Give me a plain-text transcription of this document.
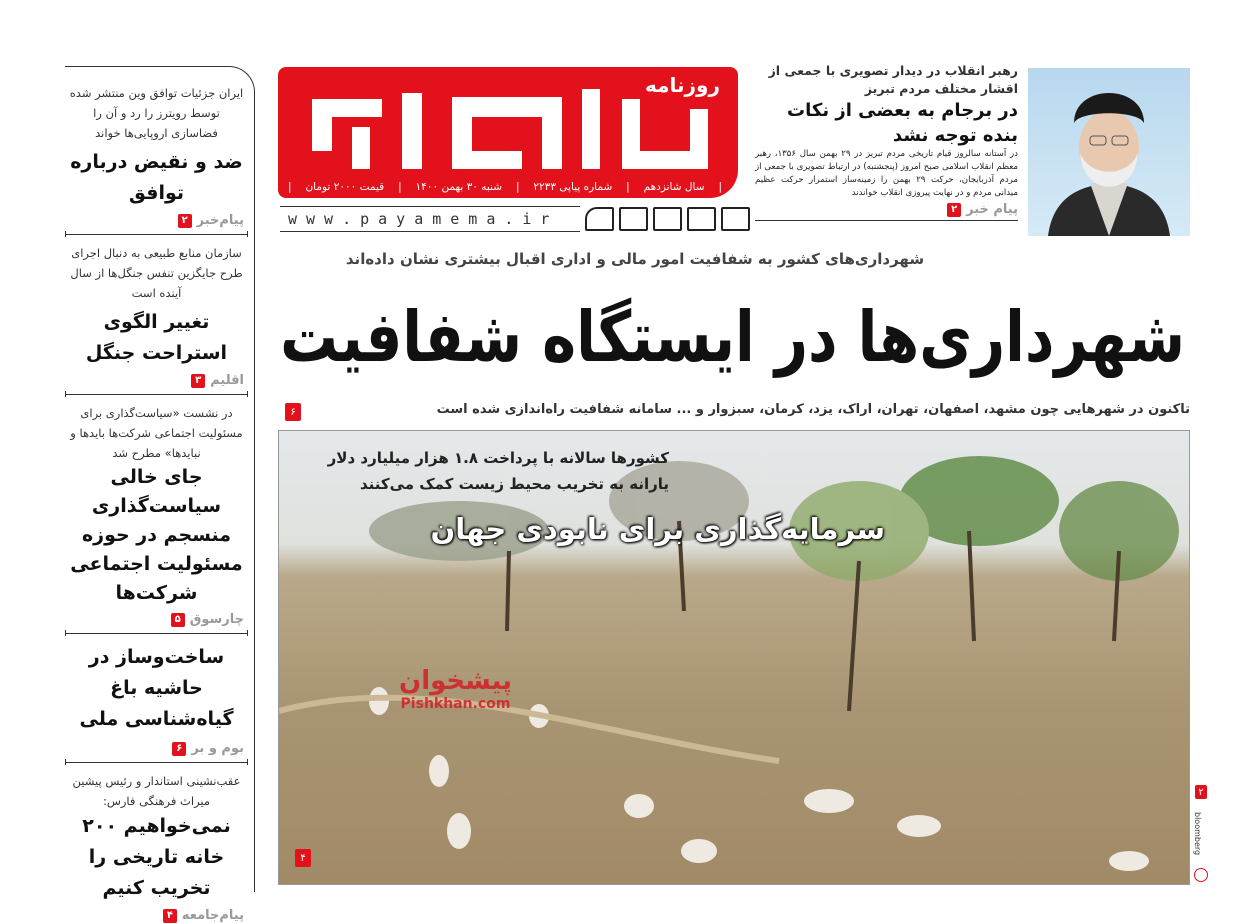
ایران جزئیات توافق وین منتشر شده توسط رویترز را رد و آن را فضاسازی اروپایی‌ها خواند
ضد و نقیض درباره توافق
پیام‌خبر
۲
سازمان منابع طبیعی به دنبال اجرای طرح جایگزین تنفس جنگل‌ها از سال آینده است
تغییر الگوی استراحت جنگل
اقلیم
۳
در نشست «سیاست‌گذاری برای مسئولیت اجتماعی شرکت‌ها بایدها و نبایدها» مطرح شد
جای خالی سیاست‌گذاری منسجم در حوزه مسئولیت اجتماعی شرکت‌ها
چارسوق
۵
ساخت‌وساز در حاشیه باغ گیاه‌شناسی ملی
بوم و بر
۶
عقب‌نشینی استاندار و رئیس پیشین میراث فرهنگی فارس:
نمی‌خواهیم ۲۰۰ خانه تاریخی را تخریب کنیم
پیام‌جامعه
۴
روزنامه
|
سال شانزدهم
|
شماره پیاپی ۲۲۳۳
|
شنبه ۳۰ بهمن ۱۴۰۰
|
قیمت ۲۰۰۰ تومان
|
www.payamema.ir
رهبر انقلاب در دیدار تصویری با جمعی از اقشار مختلف مردم تبریز
در برجام به بعضی از نکات بنده توجه نشد
در آستانه سالروز قیام تاریخی مردم تبریز در ۲۹ بهمن سال ۱۳۵۶، رهبر معظم انقلاب اسلامی صبح امروز (پنجشنبه) در ارتباط تصویری با جمعی از مردم آذربایجان، حرکت ۲۹ بهمن را زمینه‌ساز استمرار حرکت عظیم میدانی مردم و در نهایت پیروزی انقلاب خواندند
پیام خبر
۲
شهرداری‌های کشور به شفافیت امور مالی و اداری اقبال بیشتری نشان داده‌اند
شهرداری‌ها در ایستگاه شفافیت
۶	تاکنون در شهرهایی چون مشهد، اصفهان، تهران، اراک، یزد، کرمان، سبزوار و ... سامانه شفافیت راه‌اندازی شده است
کشورها سالانه با پرداخت ۱.۸ هزار میلیارد دلار یارانه به تخریب محیط زیست کمک می‌کنند
سرمایه‌گذاری برای نابودی جهان
پیشخوان
Pishkhan.com
۴
۲
bloomberg
